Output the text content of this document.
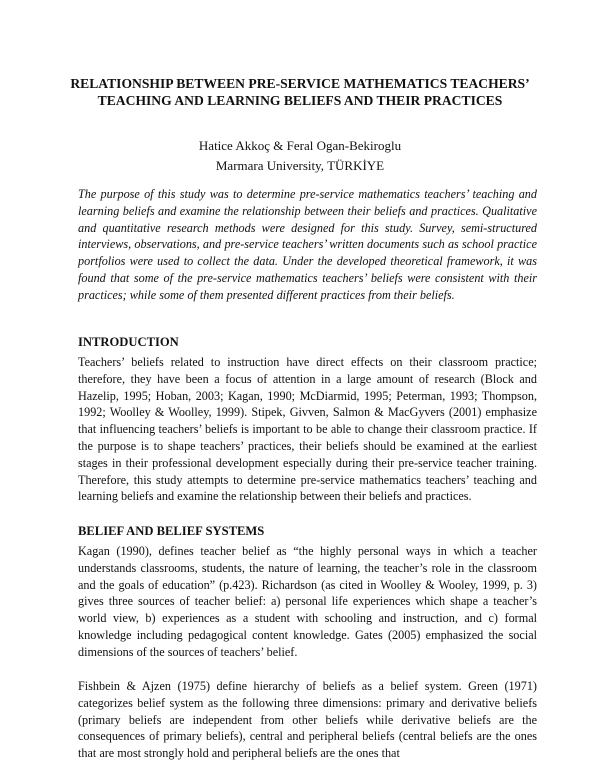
RELATIONSHIP BETWEEN PRE-SERVICE MATHEMATICS TEACHERS’ TEACHING AND LEARNING BELIEFS AND THEIR PRACTICES
Hatice Akkoç & Feral Ogan-Bekiroglu
Marmara University, TÜRKİYE

The purpose of this study was to determine pre-service mathematics teachers’ teaching and learning beliefs and examine the relationship between their beliefs and practices. Qualitative and quantitative research methods were designed for this study. Survey, semi-structured interviews, observations, and pre-service teachers’ written documents such as school practice portfolios were used to collect the data. Under the developed theoretical framework, it was found that some of the pre-service mathematics teachers’ beliefs were consistent with their practices; while some of them presented different practices from their beliefs.

INTRODUCTION

Teachers’ beliefs related to instruction have direct effects on their classroom practice; therefore, they have been a focus of attention in a large amount of research (Block and Hazelip, 1995; Hoban, 2003; Kagan, 1990; McDiarmid, 1995; Peterman, 1993; Thompson, 1992; Woolley & Woolley, 1999). Stipek, Givven, Salmon & MacGyvers (2001) emphasize that influencing teachers’ beliefs is important to be able to change their classroom practice. If the purpose is to shape teachers’ practices, their beliefs should be examined at the earliest stages in their professional development especially during their pre-service teacher training. Therefore, this study attempts to determine pre-service mathematics teachers’ teaching and learning beliefs and examine the relationship between their beliefs and practices.

BELIEF AND BELIEF SYSTEMS

Kagan (1990), defines teacher belief as “the highly personal ways in which a teacher understands classrooms, students, the nature of learning, the teacher’s role in the classroom and the goals of education” (p.423). Richardson (as cited in Woolley & Wooley, 1999, p. 3) gives three sources of teacher belief: a) personal life experiences which shape a teacher’s world view, b) experiences as a student with schooling and instruction, and c) formal knowledge including pedagogical content knowledge. Gates (2005) emphasized the social dimensions of the sources of teachers’ belief.

Fishbein & Ajzen (1975) define hierarchy of beliefs as a belief system. Green (1971) categorizes belief system as the following three dimensions: primary and derivative beliefs (primary beliefs are independent from other beliefs while derivative beliefs are the consequences of primary beliefs), central and peripheral beliefs (central beliefs are the ones that are most strongly hold and peripheral beliefs are the ones that
